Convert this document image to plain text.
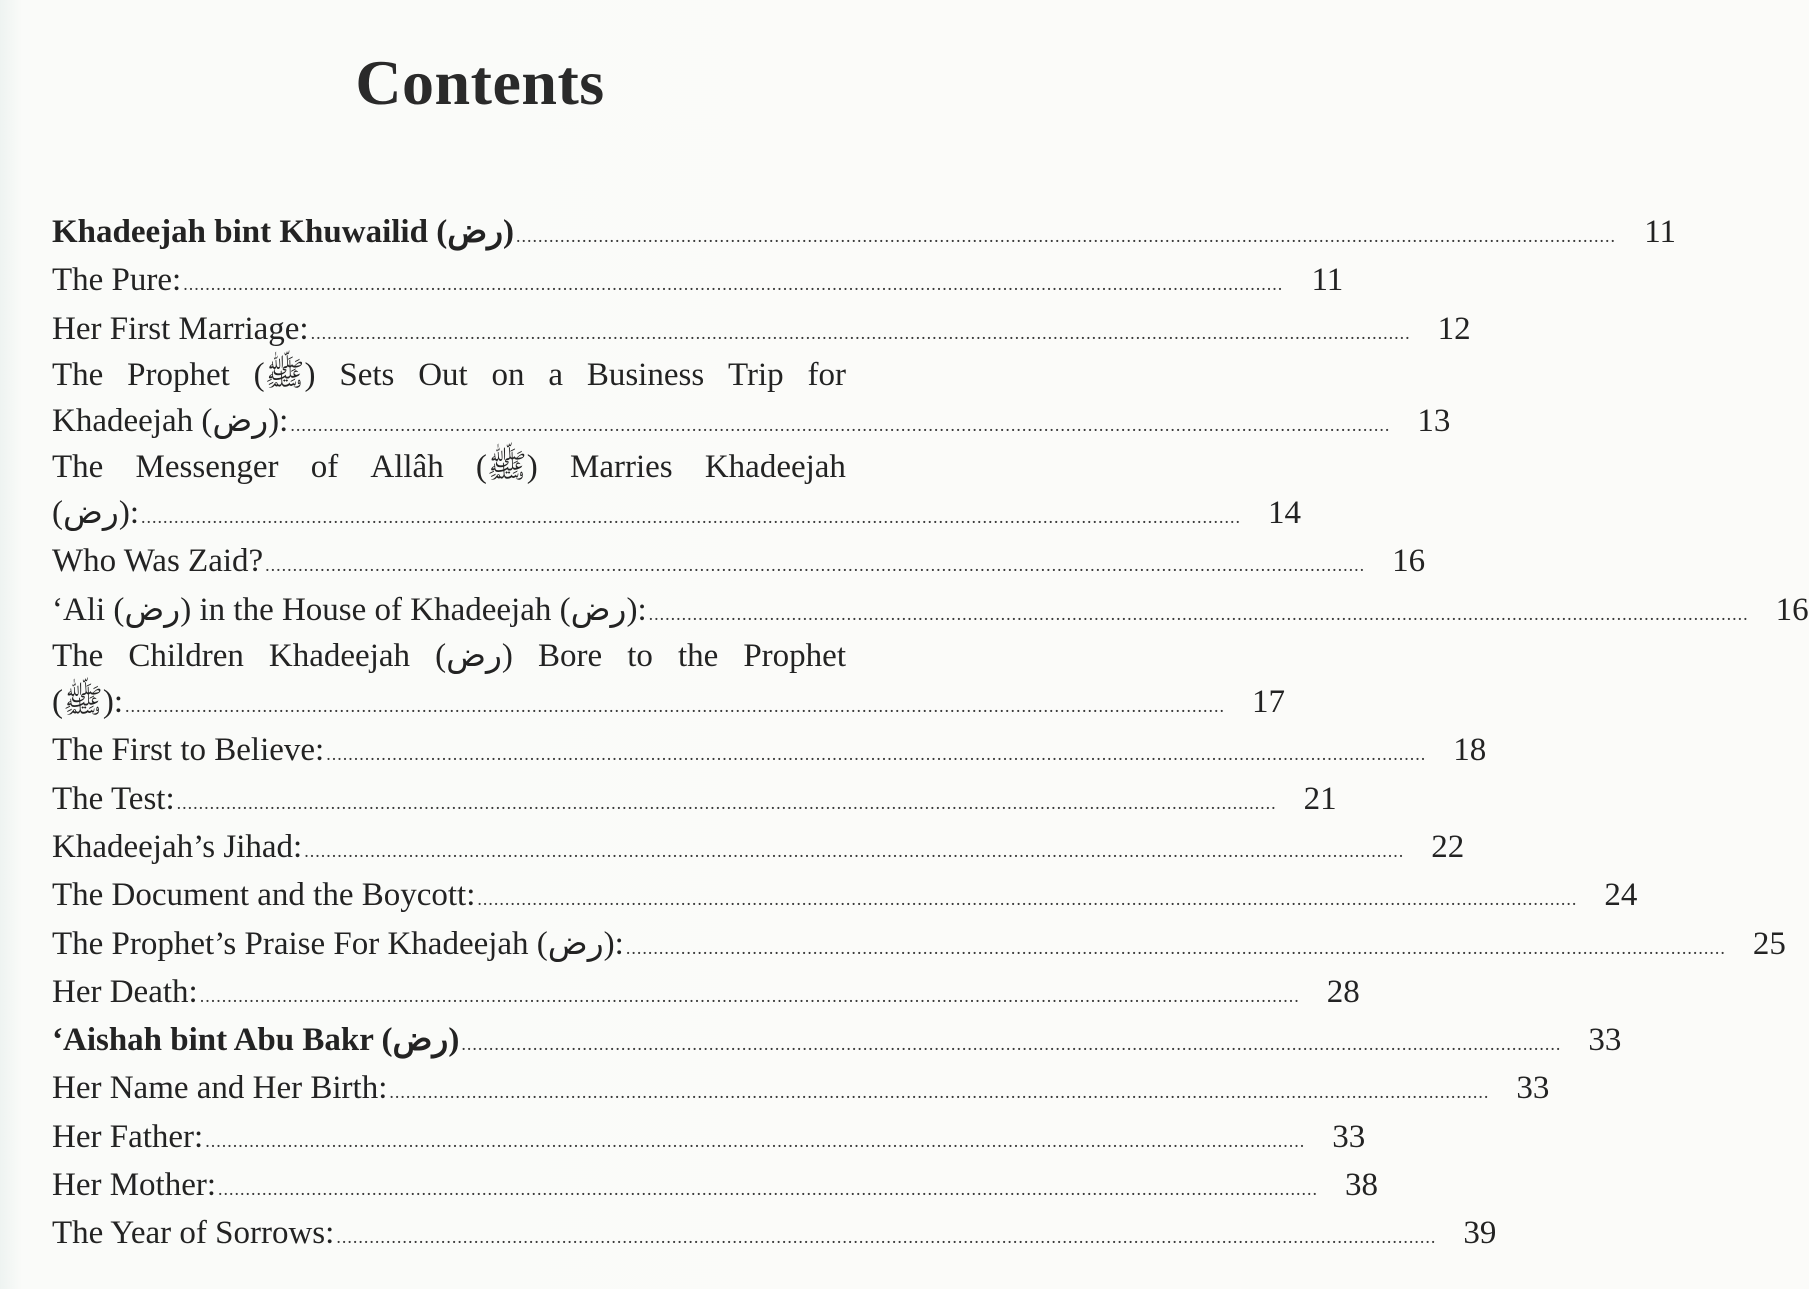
Contents
Khadeejah bint Khuwailid (رض) ........................................................................................................................................................................................................ 11
The Pure: ........................................................................................................................................................................................................ 11
Her First Marriage: ........................................................................................................................................................................................................ 12
The Prophet (ﷺ) Sets Out on a Business Trip for
Khadeejah (رض): ........................................................................................................................................................................................................ 13
The Messenger of Allâh (ﷺ) Marries Khadeejah
(رض): ........................................................................................................................................................................................................ 14
Who Was Zaid? ........................................................................................................................................................................................................ 16
‘Ali (رض) in the House of Khadeejah (رض): ........................................................................................................................................................................................................ 16
The Children Khadeejah (رض) Bore to the Prophet
(ﷺ): ........................................................................................................................................................................................................ 17
The First to Believe: ........................................................................................................................................................................................................ 18
The Test: ........................................................................................................................................................................................................ 21
Khadeejah’s Jihad: ........................................................................................................................................................................................................ 22
The Document and the Boycott: ........................................................................................................................................................................................................ 24
The Prophet’s Praise For Khadeejah (رض): ........................................................................................................................................................................................................ 25
Her Death: ........................................................................................................................................................................................................ 28
‘Aishah bint Abu Bakr (رض) ........................................................................................................................................................................................................ 33
Her Name and Her Birth: ........................................................................................................................................................................................................ 33
Her Father: ........................................................................................................................................................................................................ 33
Her Mother: ........................................................................................................................................................................................................ 38
The Year of Sorrows: ........................................................................................................................................................................................................ 39
